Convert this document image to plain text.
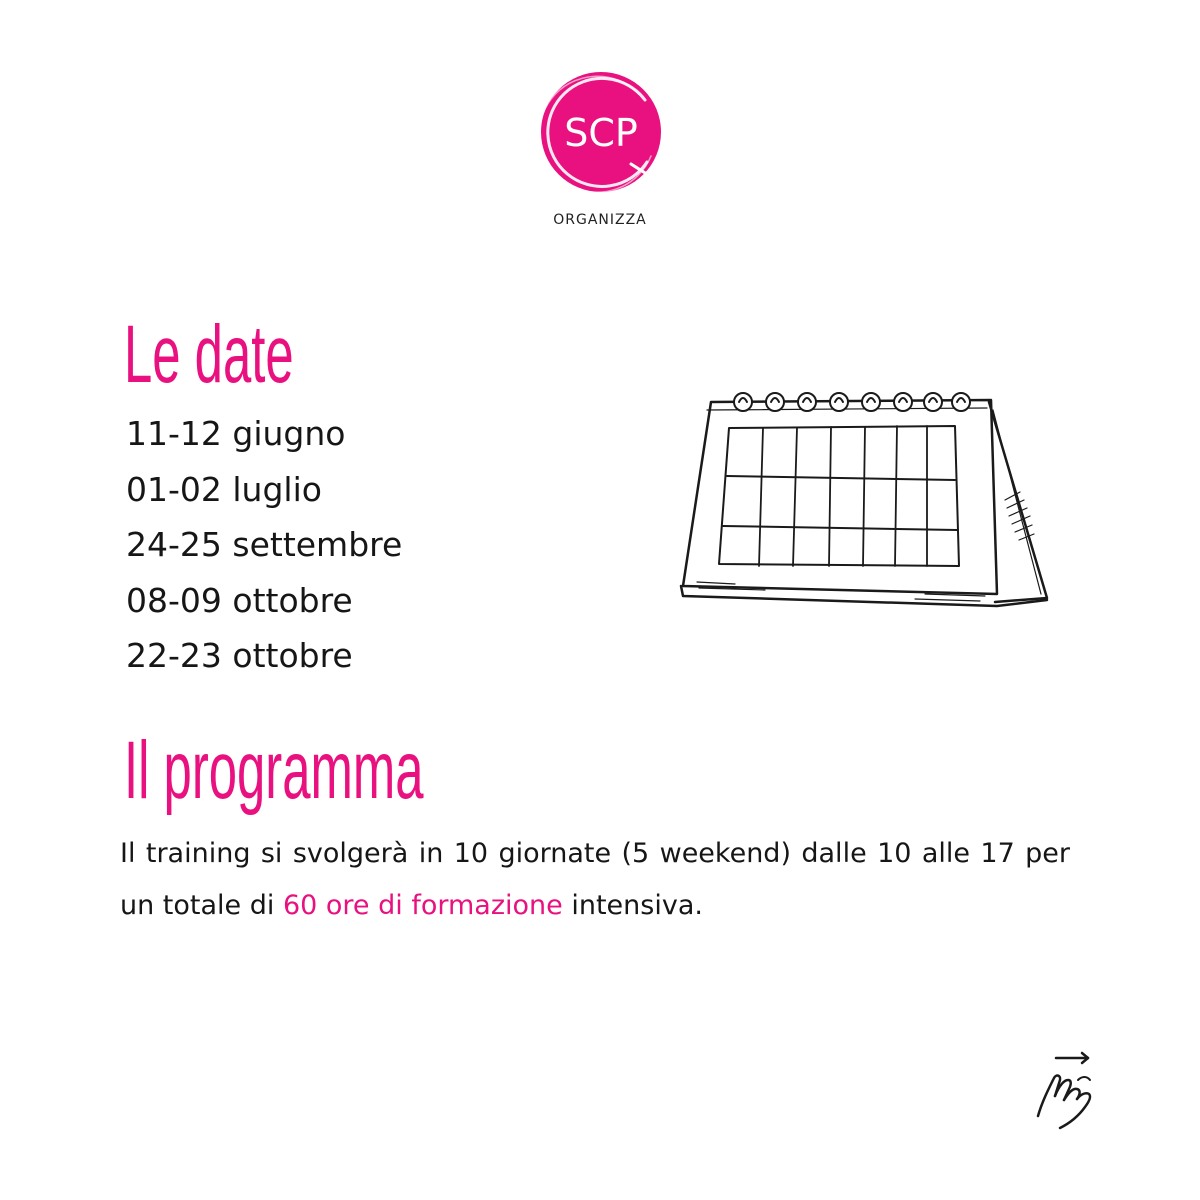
SCP
ORGANIZZA
Le date
11-12 giugno
01-02 luglio
24-25 settembre
08-09 ottobre
22-23 ottobre
Il programma

Il training si svolgerà in 10 giornate (5 weekend) dalle 10 alle 17 per un totale di 60 ore di formazione intensiva.
